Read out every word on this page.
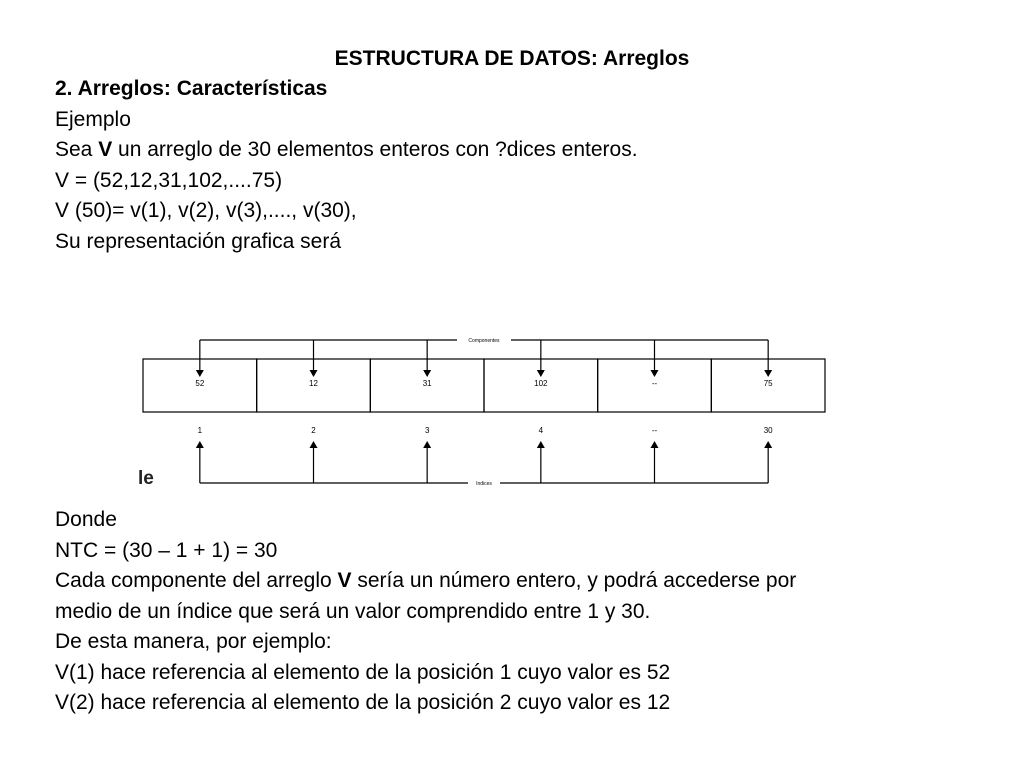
ESTRUCTURA DE DATOS: Arreglos
2. Arreglos: Características
Ejemplo
Sea V un arreglo de 30 elementos enteros con ?dices enteros.
V = (52,12,31,102,....75)
V (50)= v(1), v(2), v(3),...., v(30),
Su representación grafica será
Componentes
52	12	31	102	--	75
Indices
1	2	3	4	--	30
le
Donde
NTC = (30 – 1 + 1) = 30
Cada componente del arreglo V sería un número entero, y podrá accederse por
medio de un índice que será un valor comprendido entre 1 y 30.
De esta manera, por ejemplo:
V(1) hace referencia al elemento de la posición 1 cuyo valor es 52
V(2) hace referencia al elemento de la posición 2 cuyo valor es 12
